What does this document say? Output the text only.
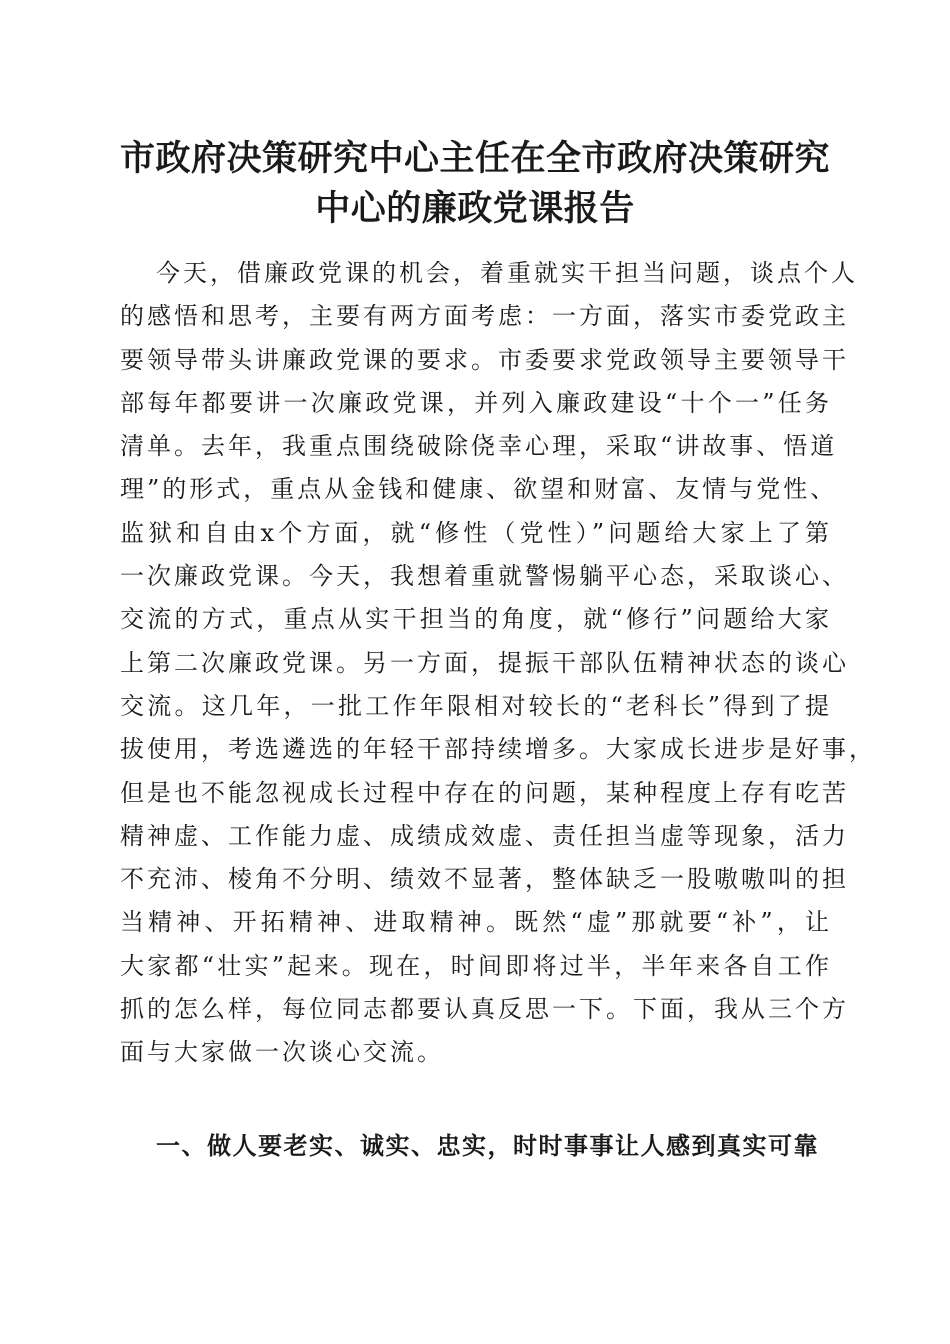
市政府决策研究中心主任在全市政府决策研究
中心的廉政党课报告
今天，借廉政党课的机会，着重就实干担当问题，谈点个人
的感悟和思考，主要有两方面考虑：一方面，落实市委党政主
要领导带头讲廉政党课的要求。市委要求党政领导主要领导干
部每年都要讲一次廉政党课，并列入廉政建设“十个一”任务
清单。去年，我重点围绕破除侥幸心理，采取“讲故事、悟道
理”的形式，重点从金钱和健康、欲望和财富、友情与党性、
监狱和自由x个方面，就“修性（党性）”问题给大家上了第
一次廉政党课。今天，我想着重就警惕躺平心态，采取谈心、
交流的方式，重点从实干担当的角度，就“修行”问题给大家
上第二次廉政党课。另一方面，提振干部队伍精神状态的谈心
交流。这几年，一批工作年限相对较长的“老科长”得到了提
拔使用，考选遴选的年轻干部持续增多。大家成长进步是好事，
但是也不能忽视成长过程中存在的问题，某种程度上存有吃苦
精神虚、工作能力虚、成绩成效虚、责任担当虚等现象，活力
不充沛、棱角不分明、绩效不显著，整体缺乏一股嗷嗷叫的担
当精神、开拓精神、进取精神。既然“虚”那就要“补”，让
大家都“壮实”起来。现在，时间即将过半，半年来各自工作
抓的怎么样，每位同志都要认真反思一下。下面，我从三个方
面与大家做一次谈心交流。
一、做人要老实、诚实、忠实，时时事事让人感到真实可靠
